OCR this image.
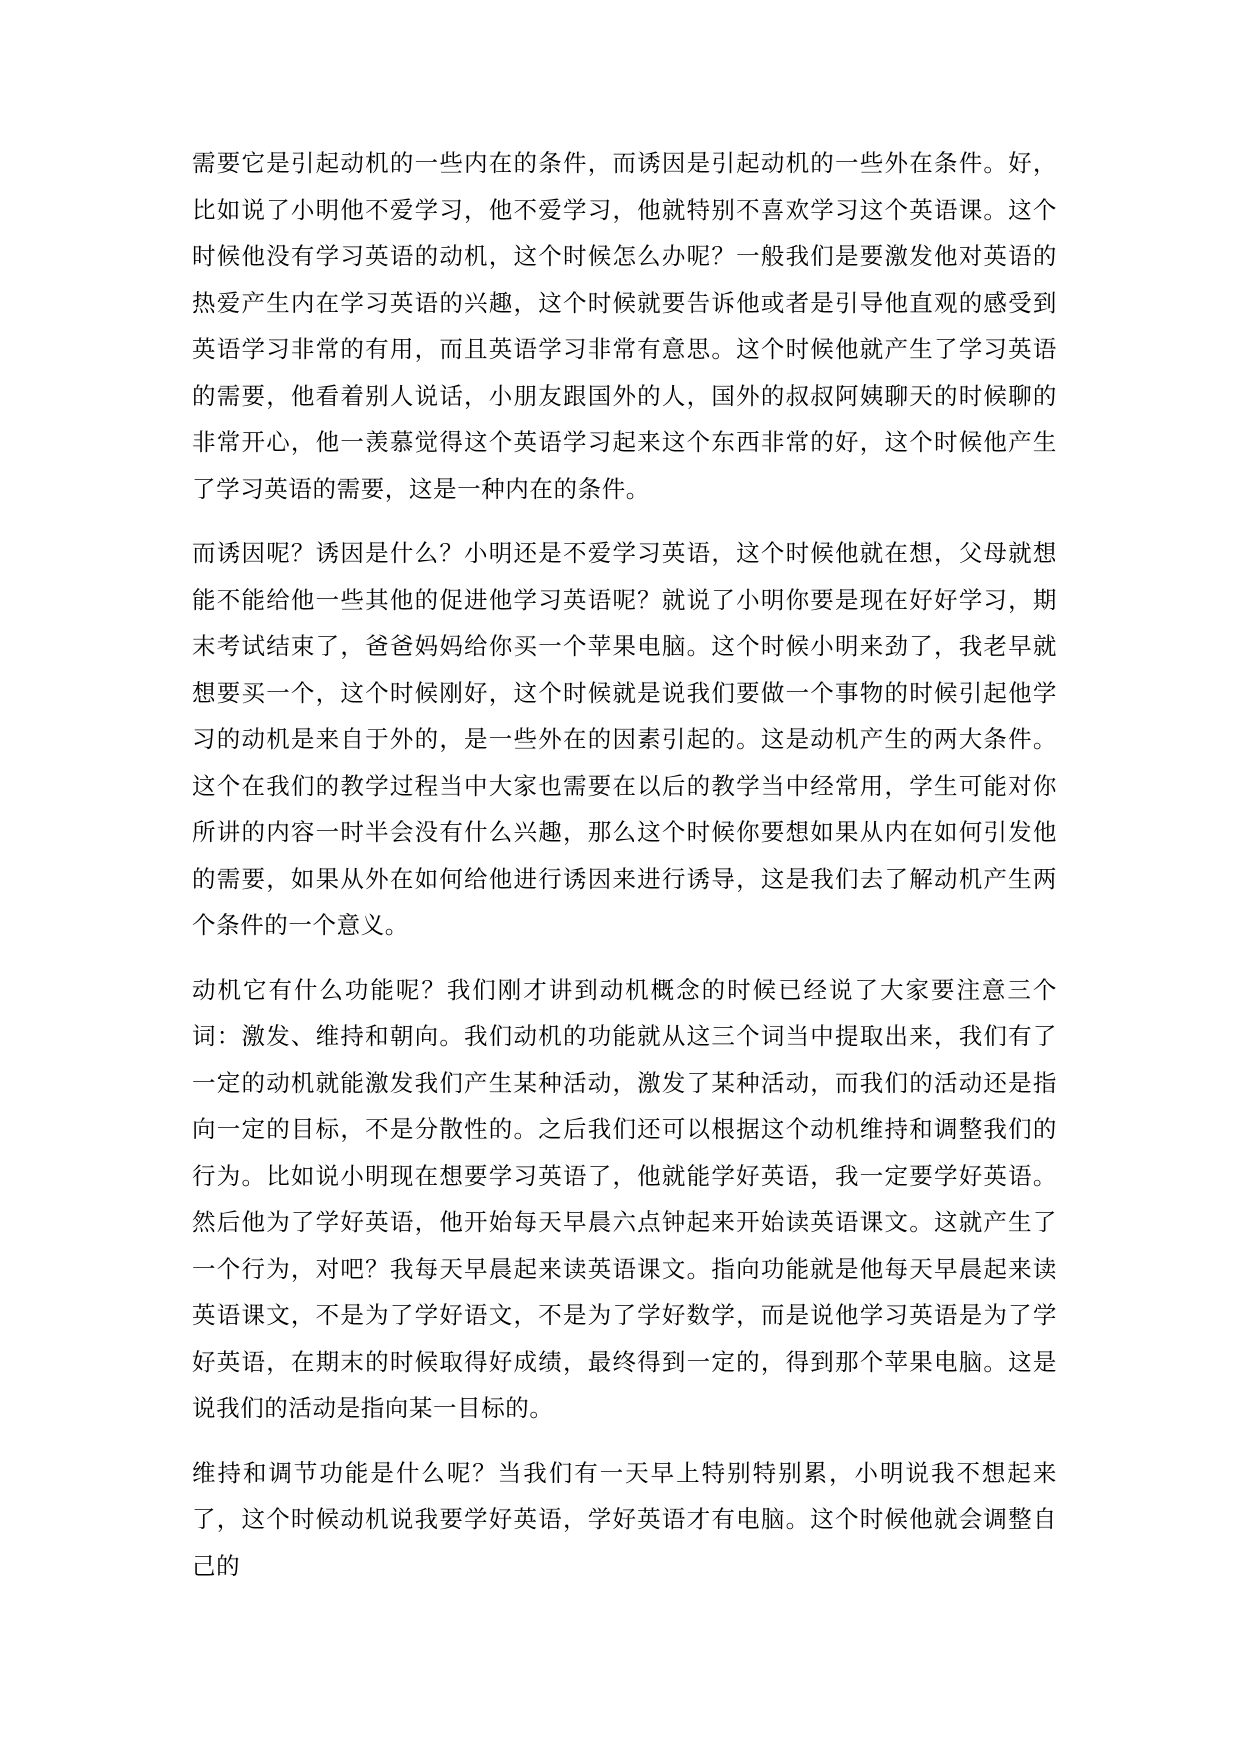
需要它是引起动机的一些内在的条件，而诱因是引起动机的一些外在条件。好，比如说了小明他不爱学习，他不爱学习，他就特别不喜欢学习这个英语课。这个时候他没有学习英语的动机，这个时候怎么办呢？一般我们是要激发他对英语的热爱产生内在学习英语的兴趣，这个时候就要告诉他或者是引导他直观的感受到英语学习非常的有用，而且英语学习非常有意思。这个时候他就产生了学习英语的需要，他看着别人说话，小朋友跟国外的人，国外的叔叔阿姨聊天的时候聊的非常开心，他一羡慕觉得这个英语学习起来这个东西非常的好，这个时候他产生了学习英语的需要，这是一种内在的条件。

而诱因呢？诱因是什么？小明还是不爱学习英语，这个时候他就在想，父母就想能不能给他一些其他的促进他学习英语呢？就说了小明你要是现在好好学习，期末考试结束了，爸爸妈妈给你买一个苹果电脑。这个时候小明来劲了，我老早就想要买一个，这个时候刚好，这个时候就是说我们要做一个事物的时候引起他学习的动机是来自于外的，是一些外在的因素引起的。这是动机产生的两大条件。这个在我们的教学过程当中大家也需要在以后的教学当中经常用，学生可能对你所讲的内容一时半会没有什么兴趣，那么这个时候你要想如果从内在如何引发他的需要，如果从外在如何给他进行诱因来进行诱导，这是我们去了解动机产生两个条件的一个意义。

动机它有什么功能呢？我们刚才讲到动机概念的时候已经说了大家要注意三个词：激发、维持和朝向。我们动机的功能就从这三个词当中提取出来，我们有了一定的动机就能激发我们产生某种活动，激发了某种活动，而我们的活动还是指向一定的目标，不是分散性的。之后我们还可以根据这个动机维持和调整我们的行为。比如说小明现在想要学习英语了，他就能学好英语，我一定要学好英语。然后他为了学好英语，他开始每天早晨六点钟起来开始读英语课文。这就产生了一个行为，对吧？我每天早晨起来读英语课文。指向功能就是他每天早晨起来读英语课文，不是为了学好语文，不是为了学好数学，而是说他学习英语是为了学好英语，在期末的时候取得好成绩，最终得到一定的，得到那个苹果电脑。这是说我们的活动是指向某一目标的。

维持和调节功能是什么呢？当我们有一天早上特别特别累，小明说我不想起来了，这个时候动机说我要学好英语，学好英语才有电脑。这个时候他就会调整自己的
